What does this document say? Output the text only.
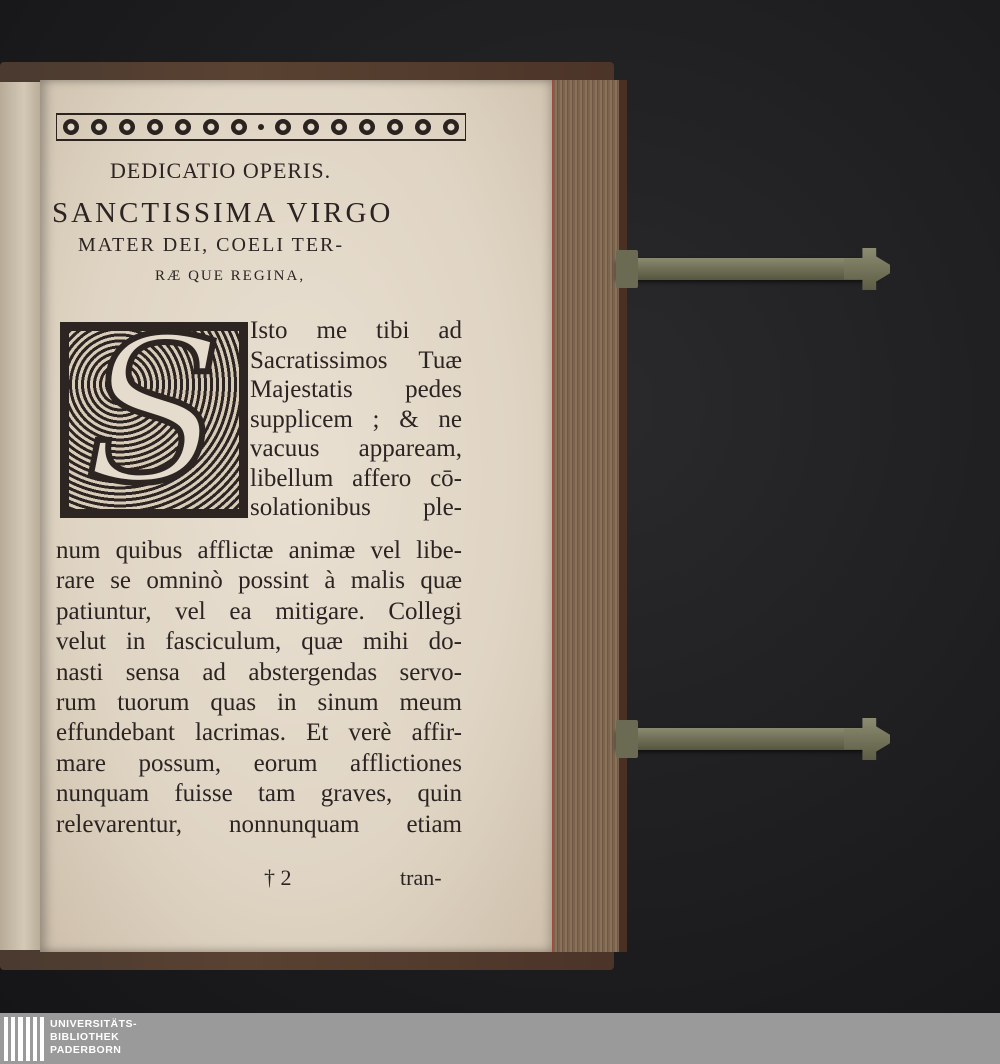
DEDICATIO OPERIS.
SANCTISSIMA VIRGO
MATER DEI, COELI TER-
RÆ QUE REGINA,
S	Isto me tibi ad
Sacratissimos Tuæ
Majestatis pedes
supplicem ; & ne
vacuus appaream,
libellum affero cō-
solationibus ple-
num quibus afflictæ animæ vel libe-
rare se omninò possint à malis quæ
patiuntur, vel ea mitigare. Collegi
velut in fasciculum, quæ mihi do-
nasti sensa ad abstergendas servo-
rum tuorum quas in sinum meum
effundebant lacrimas. Et verè affir-
mare possum, eorum afflictiones
nunquam fuisse tam graves, quin
relevarentur, nonnunquam etiam
† 2	tran-
UNIVERSITÄTS-
BIBLIOTHEK
PADERBORN
